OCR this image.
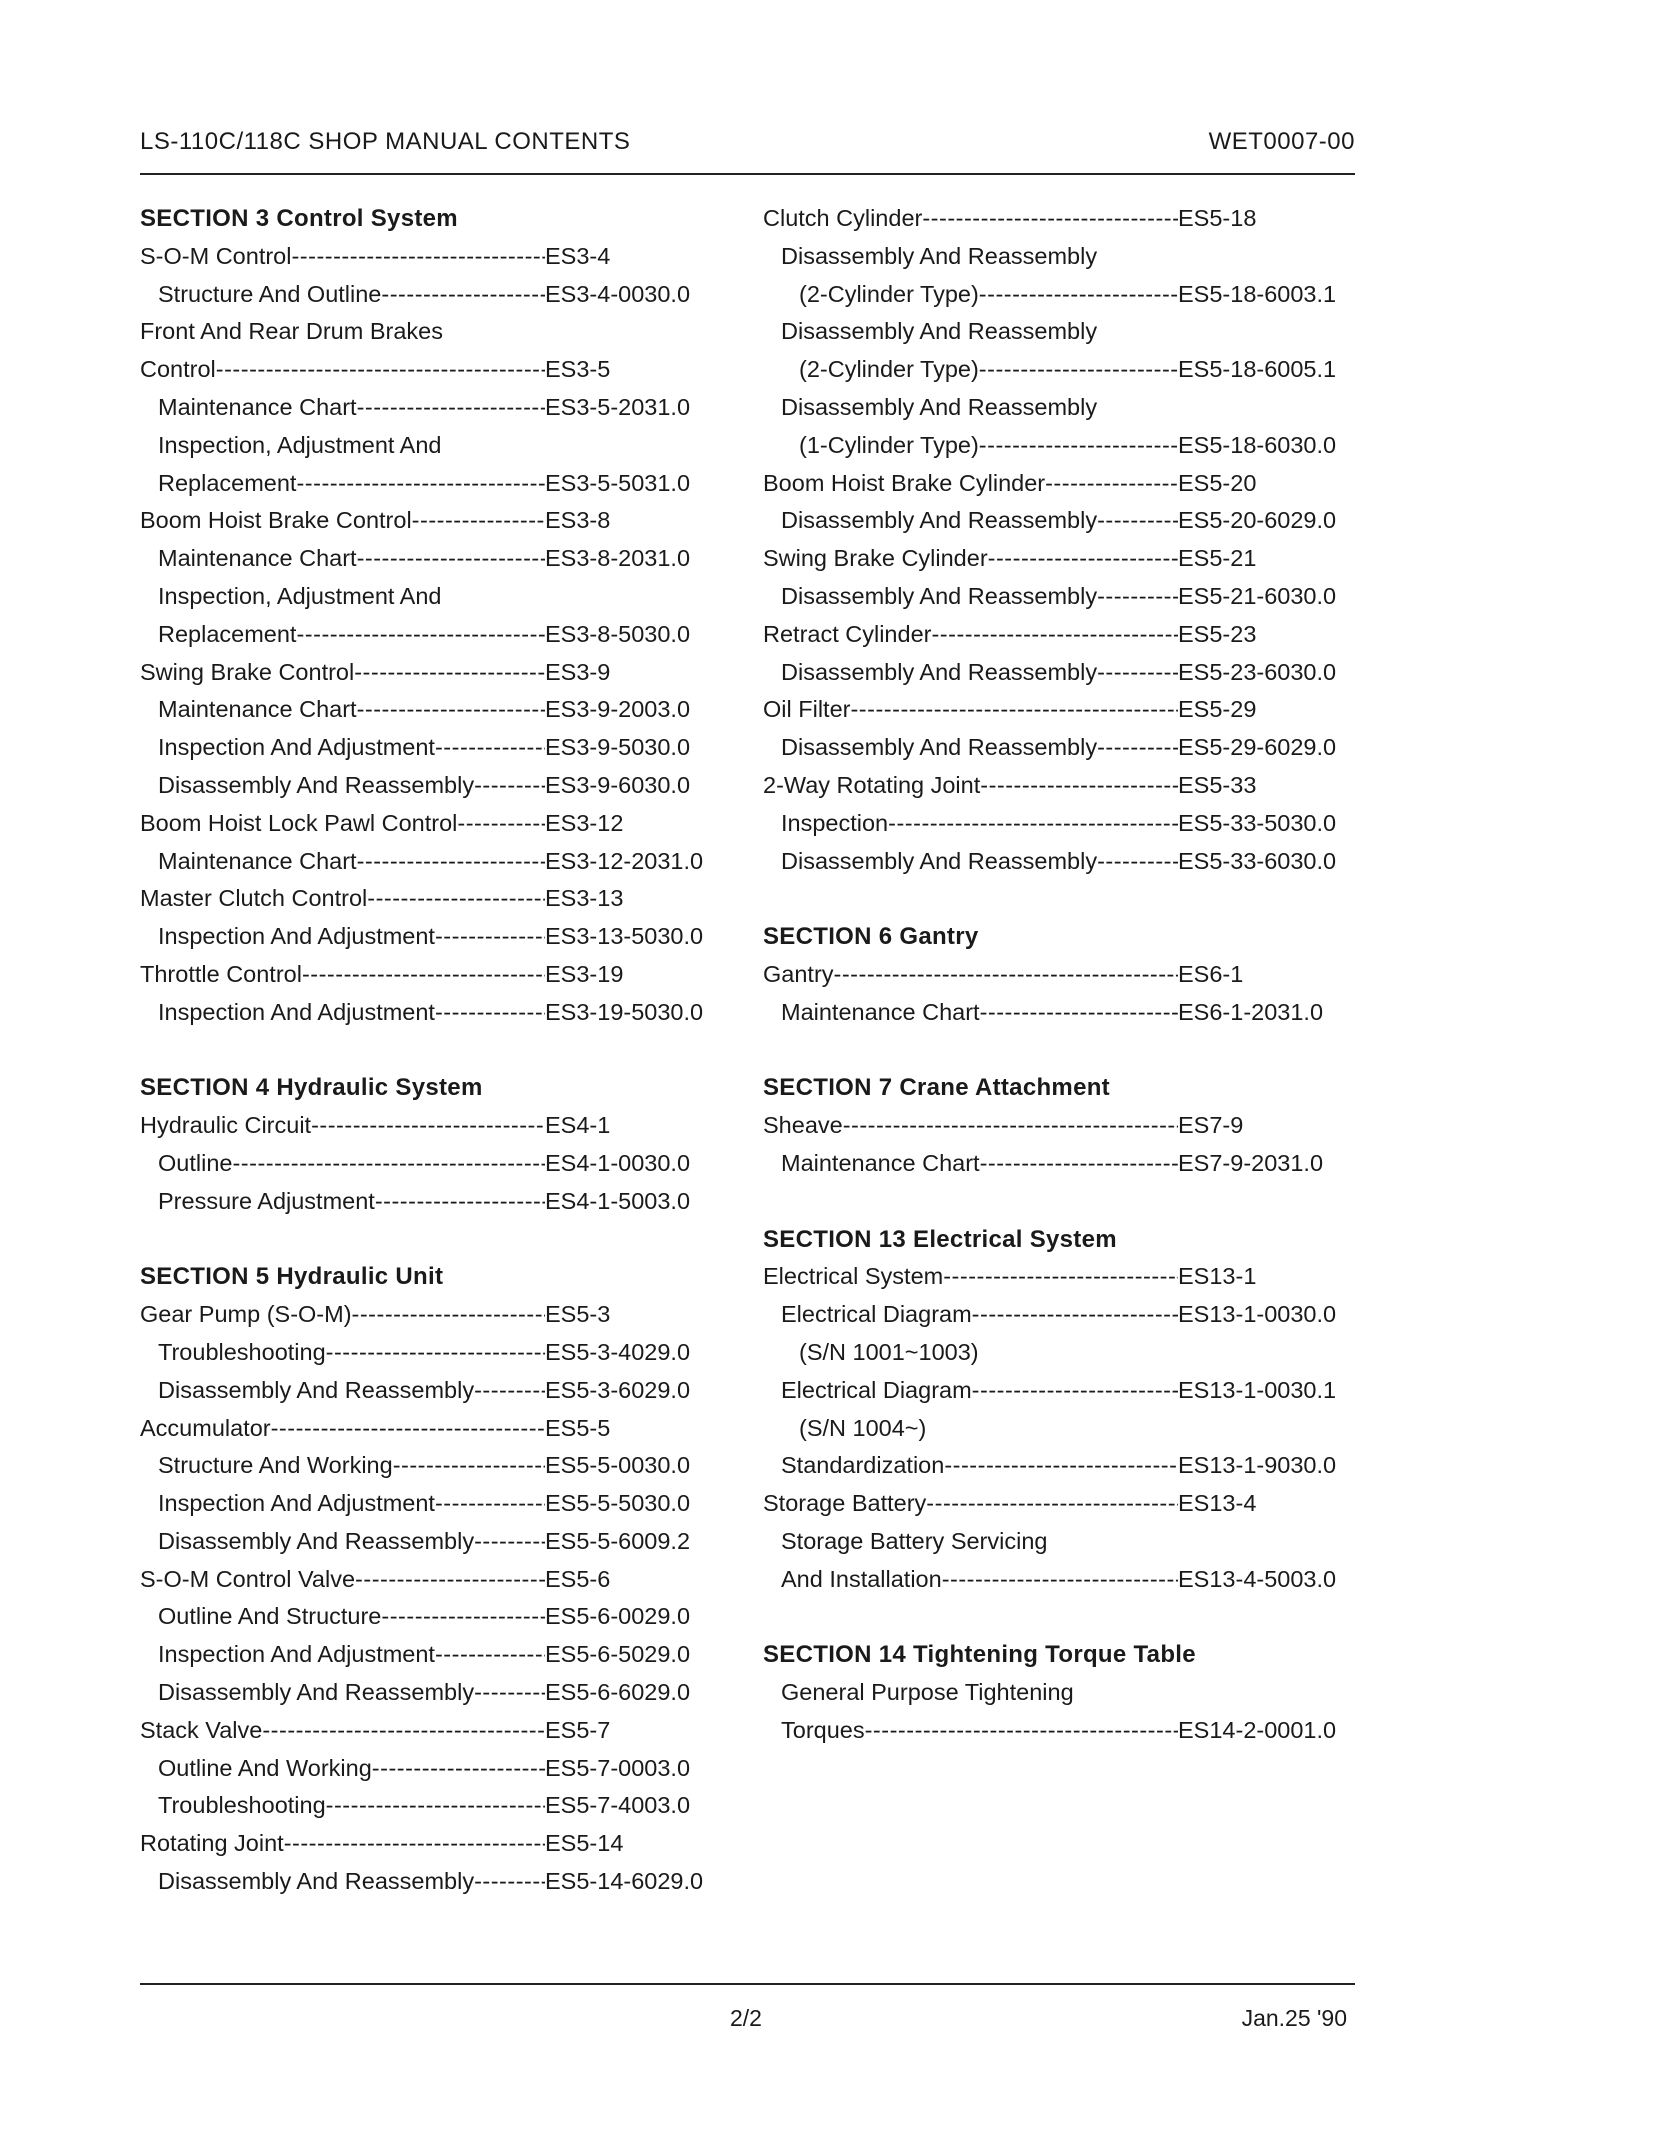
LS-110C/118C SHOP MANUAL CONTENTS	WET0007-00
SECTION 3 Control System
S-O-M Control -----	ES3-4
Structure And Outline -----	ES3-4-0030.0
Front And Rear Drum Brakes
Control -----	ES3-5
Maintenance Chart -----	ES3-5-2031.0
Inspection, Adjustment And
Replacement -----	ES3-5-5031.0
Boom Hoist Brake Control -----	ES3-8
Maintenance Chart -----	ES3-8-2031.0
Inspection, Adjustment And
Replacement -----	ES3-8-5030.0
Swing Brake Control -----	ES3-9
Maintenance Chart -----	ES3-9-2003.0
Inspection And Adjustment -----	ES3-9-5030.0
Disassembly And Reassembly -----	ES3-9-6030.0
Boom Hoist Lock Pawl Control -----	ES3-12
Maintenance Chart -----	ES3-12-2031.0
Master Clutch Control -----	ES3-13
Inspection And Adjustment -----	ES3-13-5030.0
Throttle Control -----	ES3-19
Inspection And Adjustment -----	ES3-19-5030.0
SECTION 4 Hydraulic System
Hydraulic Circuit -----	ES4-1
Outline -----	ES4-1-0030.0
Pressure Adjustment -----	ES4-1-5003.0
SECTION 5 Hydraulic Unit
Gear Pump (S-O-M) -----	ES5-3
Troubleshooting -----	ES5-3-4029.0
Disassembly And Reassembly -----	ES5-3-6029.0
Accumulator -----	ES5-5
Structure And Working -----	ES5-5-0030.0
Inspection And Adjustment -----	ES5-5-5030.0
Disassembly And Reassembly -----	ES5-5-6009.2
S-O-M Control Valve -----	ES5-6
Outline And Structure -----	ES5-6-0029.0
Inspection And Adjustment -----	ES5-6-5029.0
Disassembly And Reassembly -----	ES5-6-6029.0
Stack Valve -----	ES5-7
Outline And Working -----	ES5-7-0003.0
Troubleshooting -----	ES5-7-4003.0
Rotating Joint -----	ES5-14
Disassembly And Reassembly -----	ES5-14-6029.0
Clutch Cylinder -----	ES5-18
Disassembly And Reassembly
(2-Cylinder Type) -----	ES5-18-6003.1
Disassembly And Reassembly
(2-Cylinder Type) -----	ES5-18-6005.1
Disassembly And Reassembly
(1-Cylinder Type) -----	ES5-18-6030.0
Boom Hoist Brake Cylinder -----	ES5-20
Disassembly And Reassembly -----	ES5-20-6029.0
Swing Brake Cylinder -----	ES5-21
Disassembly And Reassembly -----	ES5-21-6030.0
Retract Cylinder -----	ES5-23
Disassembly And Reassembly -----	ES5-23-6030.0
Oil Filter -----	ES5-29
Disassembly And Reassembly -----	ES5-29-6029.0
2-Way Rotating Joint -----	ES5-33
Inspection -----	ES5-33-5030.0
Disassembly And Reassembly -----	ES5-33-6030.0
SECTION 6 Gantry
Gantry -----	ES6-1
Maintenance Chart -----	ES6-1-2031.0
SECTION 7 Crane Attachment
Sheave -----	ES7-9
Maintenance Chart -----	ES7-9-2031.0
SECTION 13 Electrical System
Electrical System -----	ES13-1
Electrical Diagram -----	ES13-1-0030.0
(S/N 1001~1003)
Electrical Diagram -----	ES13-1-0030.1
(S/N 1004~)
Standardization -----	ES13-1-9030.0
Storage Battery -----	ES13-4
Storage Battery Servicing
And Installation -----	ES13-4-5003.0
SECTION 14 Tightening Torque Table
General Purpose Tightening
Torques -----	ES14-2-0001.0
2/2	Jan.25 '90
